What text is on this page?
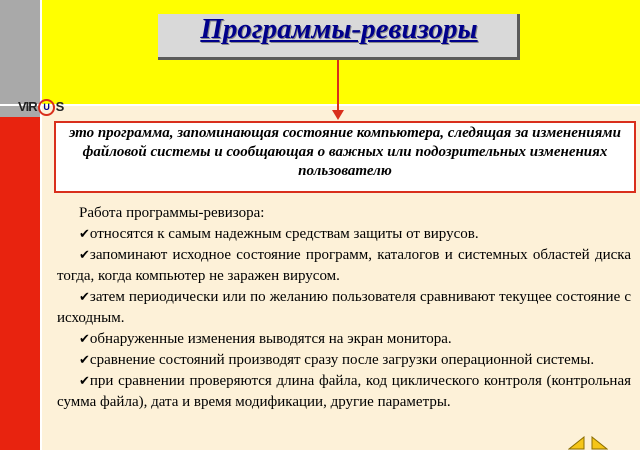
Программы-ревизоры
VIR U S
это программа, запоминающая состояние компьютера, следящая за изменениями файловой системы и сообщающая о важных или подозрительных изменениях пользователю
Работа программы-ревизора:
✔относятся к самым надежным средствам защиты от вирусов.
✔запоминают исходное состояние программ, каталогов и системных областей диска тогда, когда компьютер не заражен вирусом.
✔затем периодически или по желанию пользователя сравнивают текущее состояние с исходным.
✔обнаруженные изменения выводятся на экран монитора.
✔сравнение состояний производят сразу после загрузки операционной системы.
✔при сравнении проверяются длина файла, код циклического контроля (контрольная сумма файла), дата и время модификации, другие параметры.
